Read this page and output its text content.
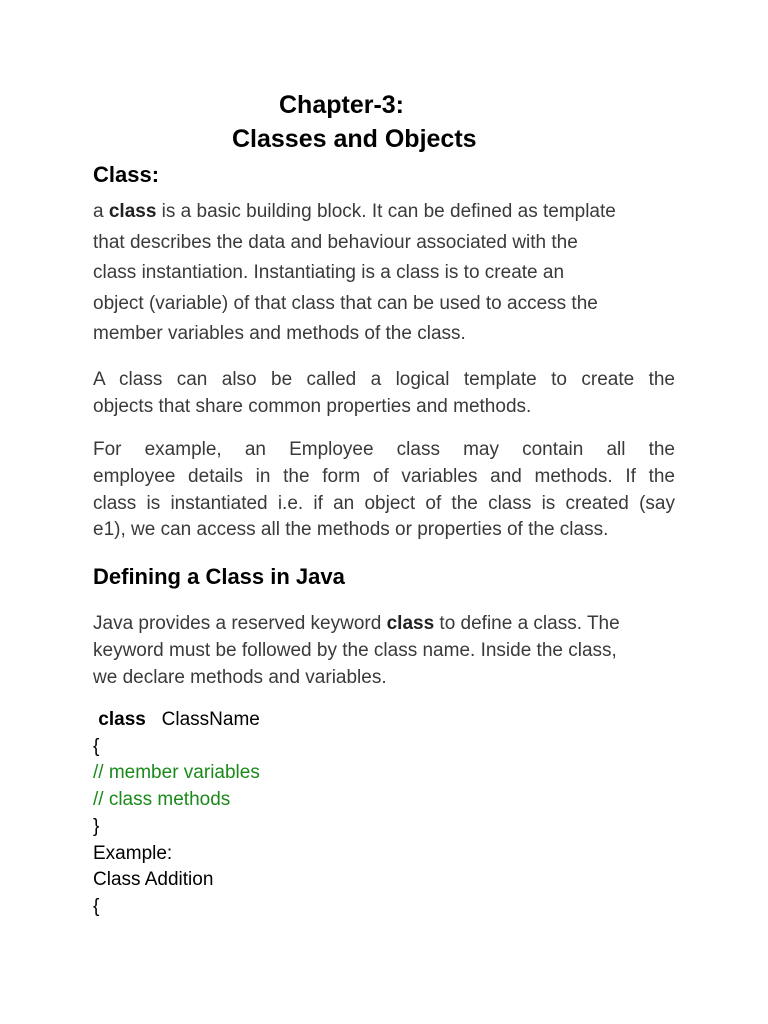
Chapter-3:
Classes and Objects
Class:
a class is a basic building block. It can be defined as template
that describes the data and behaviour associated with the
class instantiation. Instantiating is a class is to create an
object (variable) of that class that can be used to access the
member variables and methods of the class.
A class can also be called a logical template to create the
objects that share common properties and methods.
For example, an Employee class may contain all the
employee details in the form of variables and methods. If the
class is instantiated i.e. if an object of the class is created (say
e1), we can access all the methods or properties of the class.
Defining a Class in Java
Java provides a reserved keyword class to define a class. The
keyword must be followed by the class name. Inside the class,
we declare methods and variables.
class ClassName
{
// member variables
// class methods
}
Example:
Class Addition
{
